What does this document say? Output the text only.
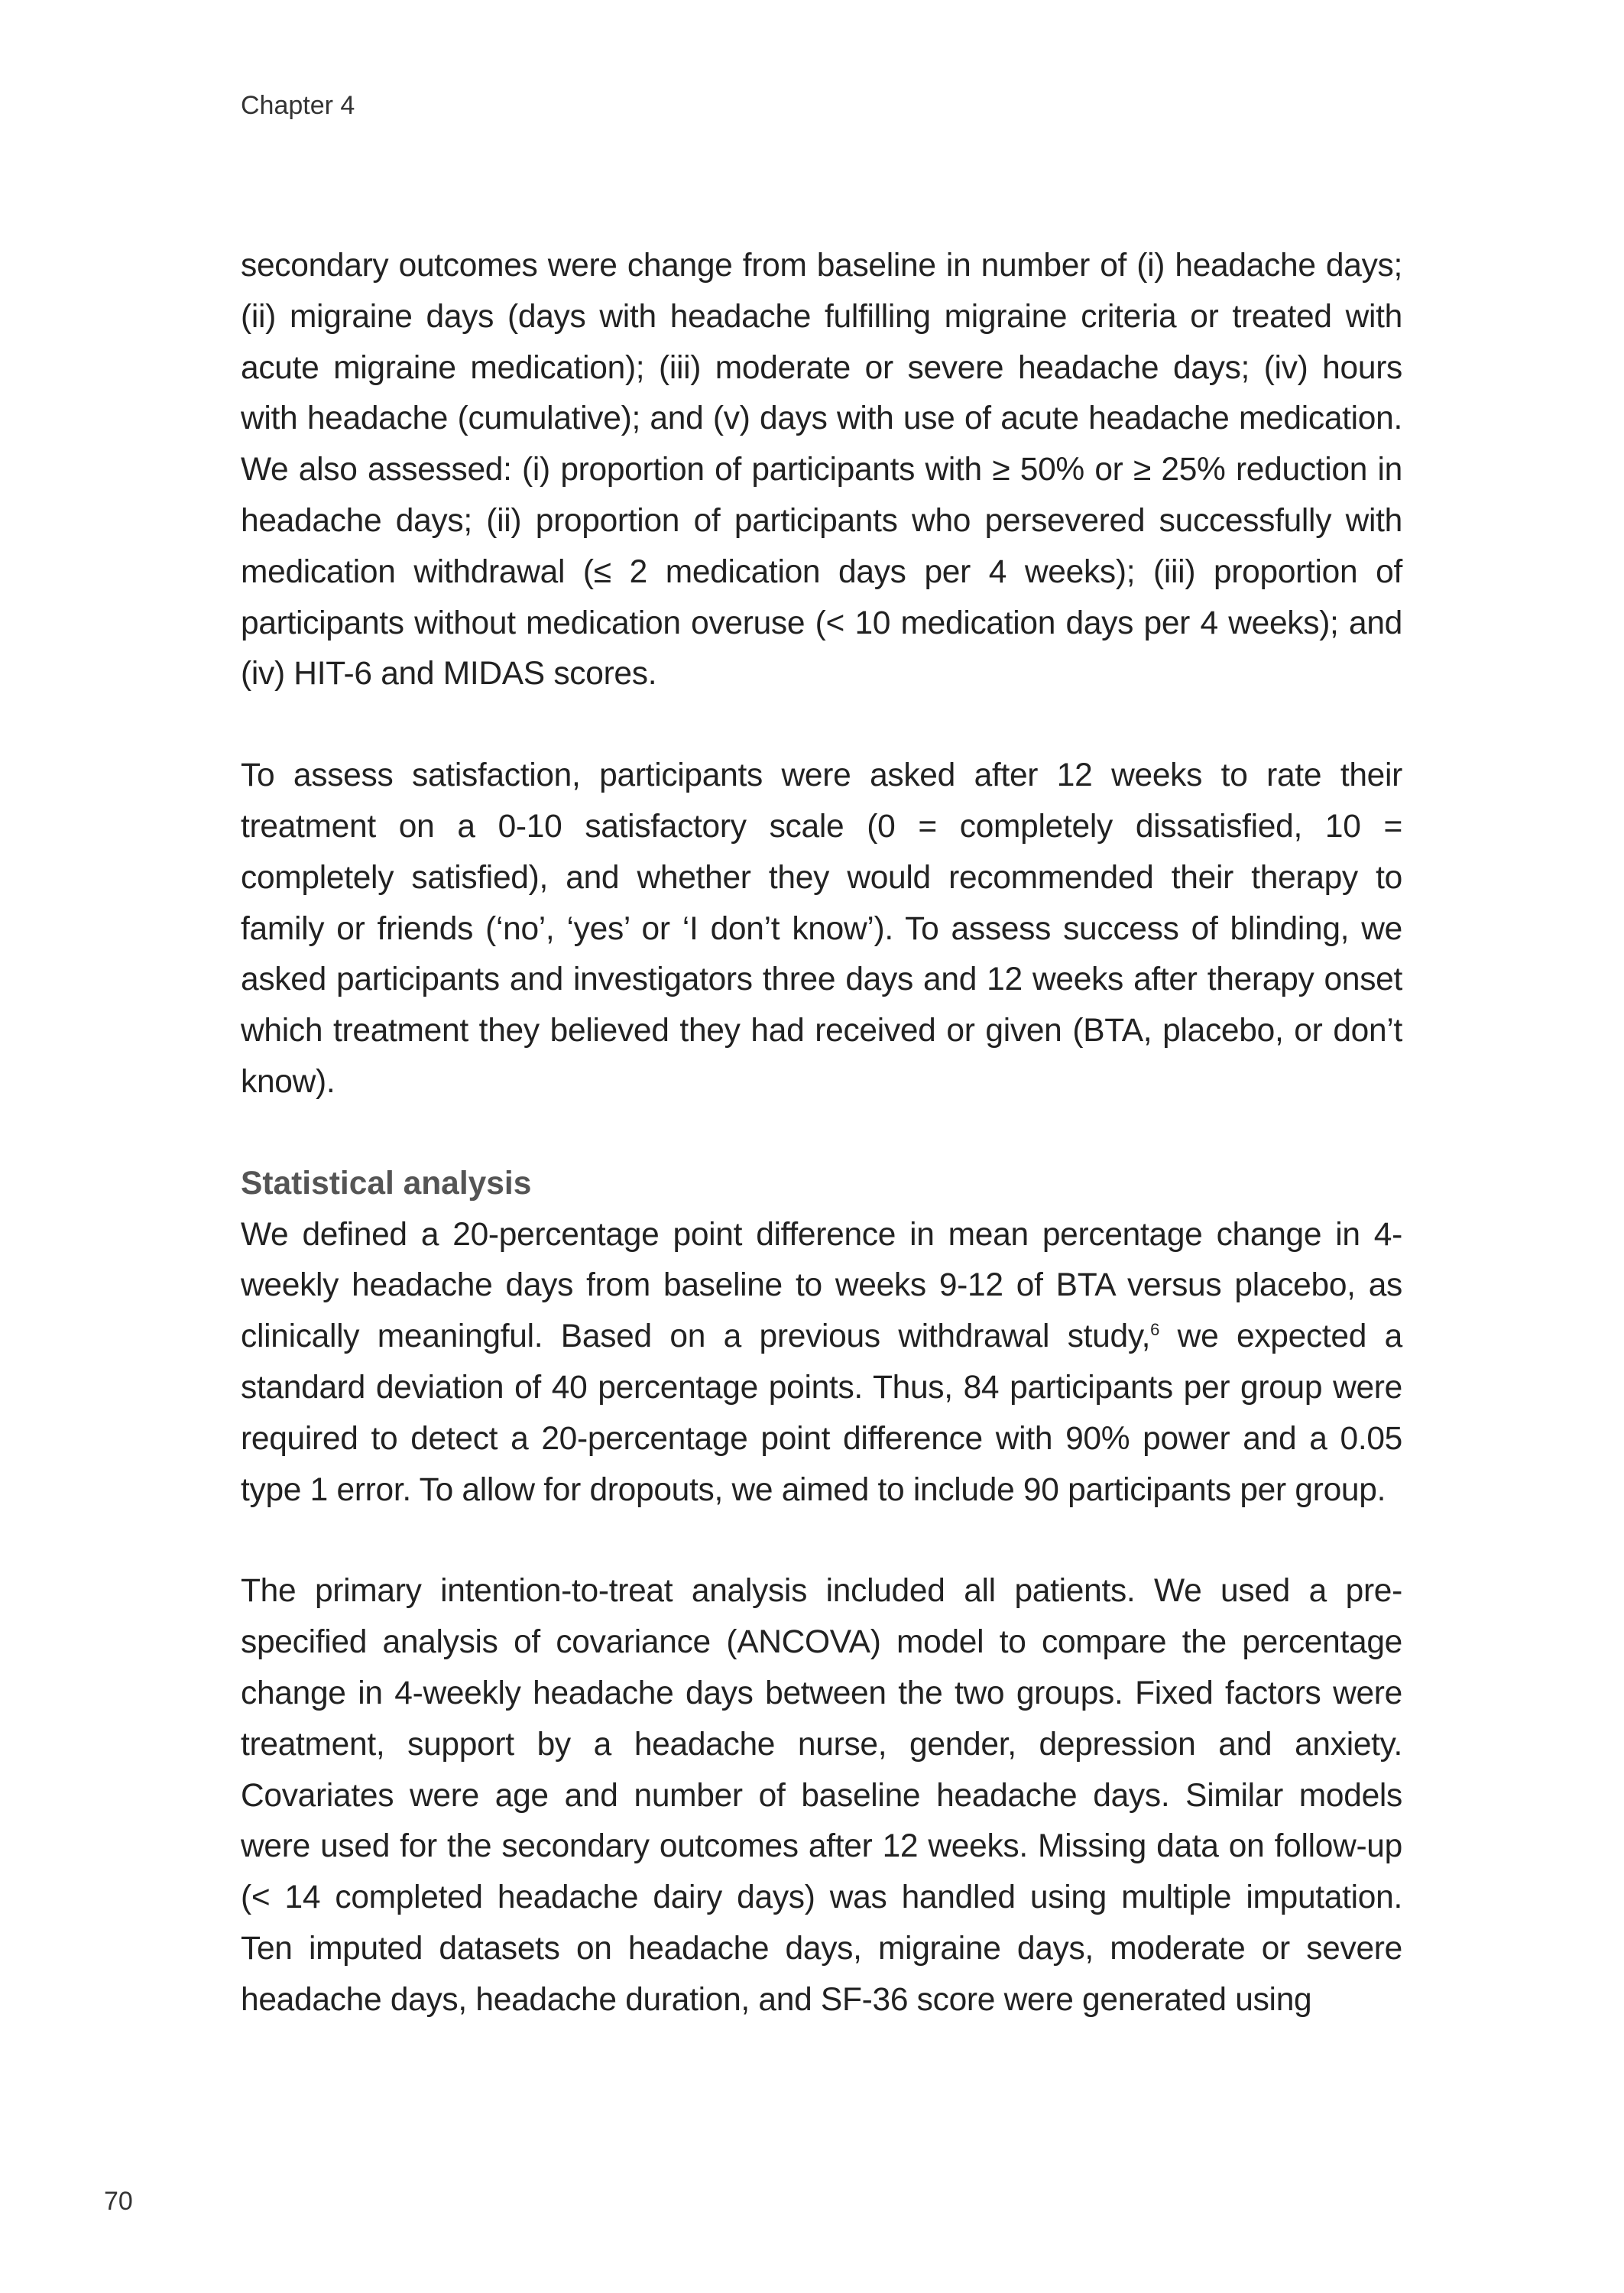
Chapter 4

secondary outcomes were change from baseline in number of (i) headache days; (ii) migraine days (days with headache fulfilling migraine criteria or treated with acute migraine medication); (iii) moderate or severe headache days; (iv) hours with headache (cumulative); and (v) days with use of acute headache medication. We also assessed: (i) proportion of participants with ≥ 50% or ≥ 25% reduction in headache days; (ii) proportion of participants who persevered successfully with medication withdrawal (≤ 2 medication days per 4 weeks); (iii) proportion of participants without medication overuse (< 10 medication days per 4 weeks); and (iv) HIT-6 and MIDAS scores.

To assess satisfaction, participants were asked after 12 weeks to rate their treatment on a 0-10 satisfactory scale (0 = completely dissatisfied, 10 = completely satisfied), and whether they would recommended their therapy to family or friends (‘no’, ‘yes’ or ‘I don’t know’). To assess success of blinding, we asked participants and investigators three days and 12 weeks after therapy onset which treatment they believed they had received or given (BTA, placebo, or don’t know).

Statistical analysis

We defined a 20-percentage point difference in mean percentage change in 4-weekly headache days from baseline to weeks 9-12 of BTA versus placebo, as clinically meaningful. Based on a previous withdrawal study,$^6$ we expected a standard deviation of 40 percentage points. Thus, 84 participants per group were required to detect a 20-percentage point difference with 90% power and a 0.05 type 1 error. To allow for dropouts, we aimed to include 90 participants per group.

The primary intention-to-treat analysis included all patients. We used a pre-specified analysis of covariance (ANCOVA) model to compare the percentage change in 4-weekly headache days between the two groups. Fixed factors were treatment, support by a headache nurse, gender, depression and anxiety. Covariates were age and number of baseline headache days. Similar models were used for the secondary outcomes after 12 weeks. Missing data on follow-up (< 14 completed headache dairy days) was handled using multiple imputation. Ten imputed datasets on headache days, migraine days, moderate or severe headache days, headache duration, and SF-36 score were generated using

70
